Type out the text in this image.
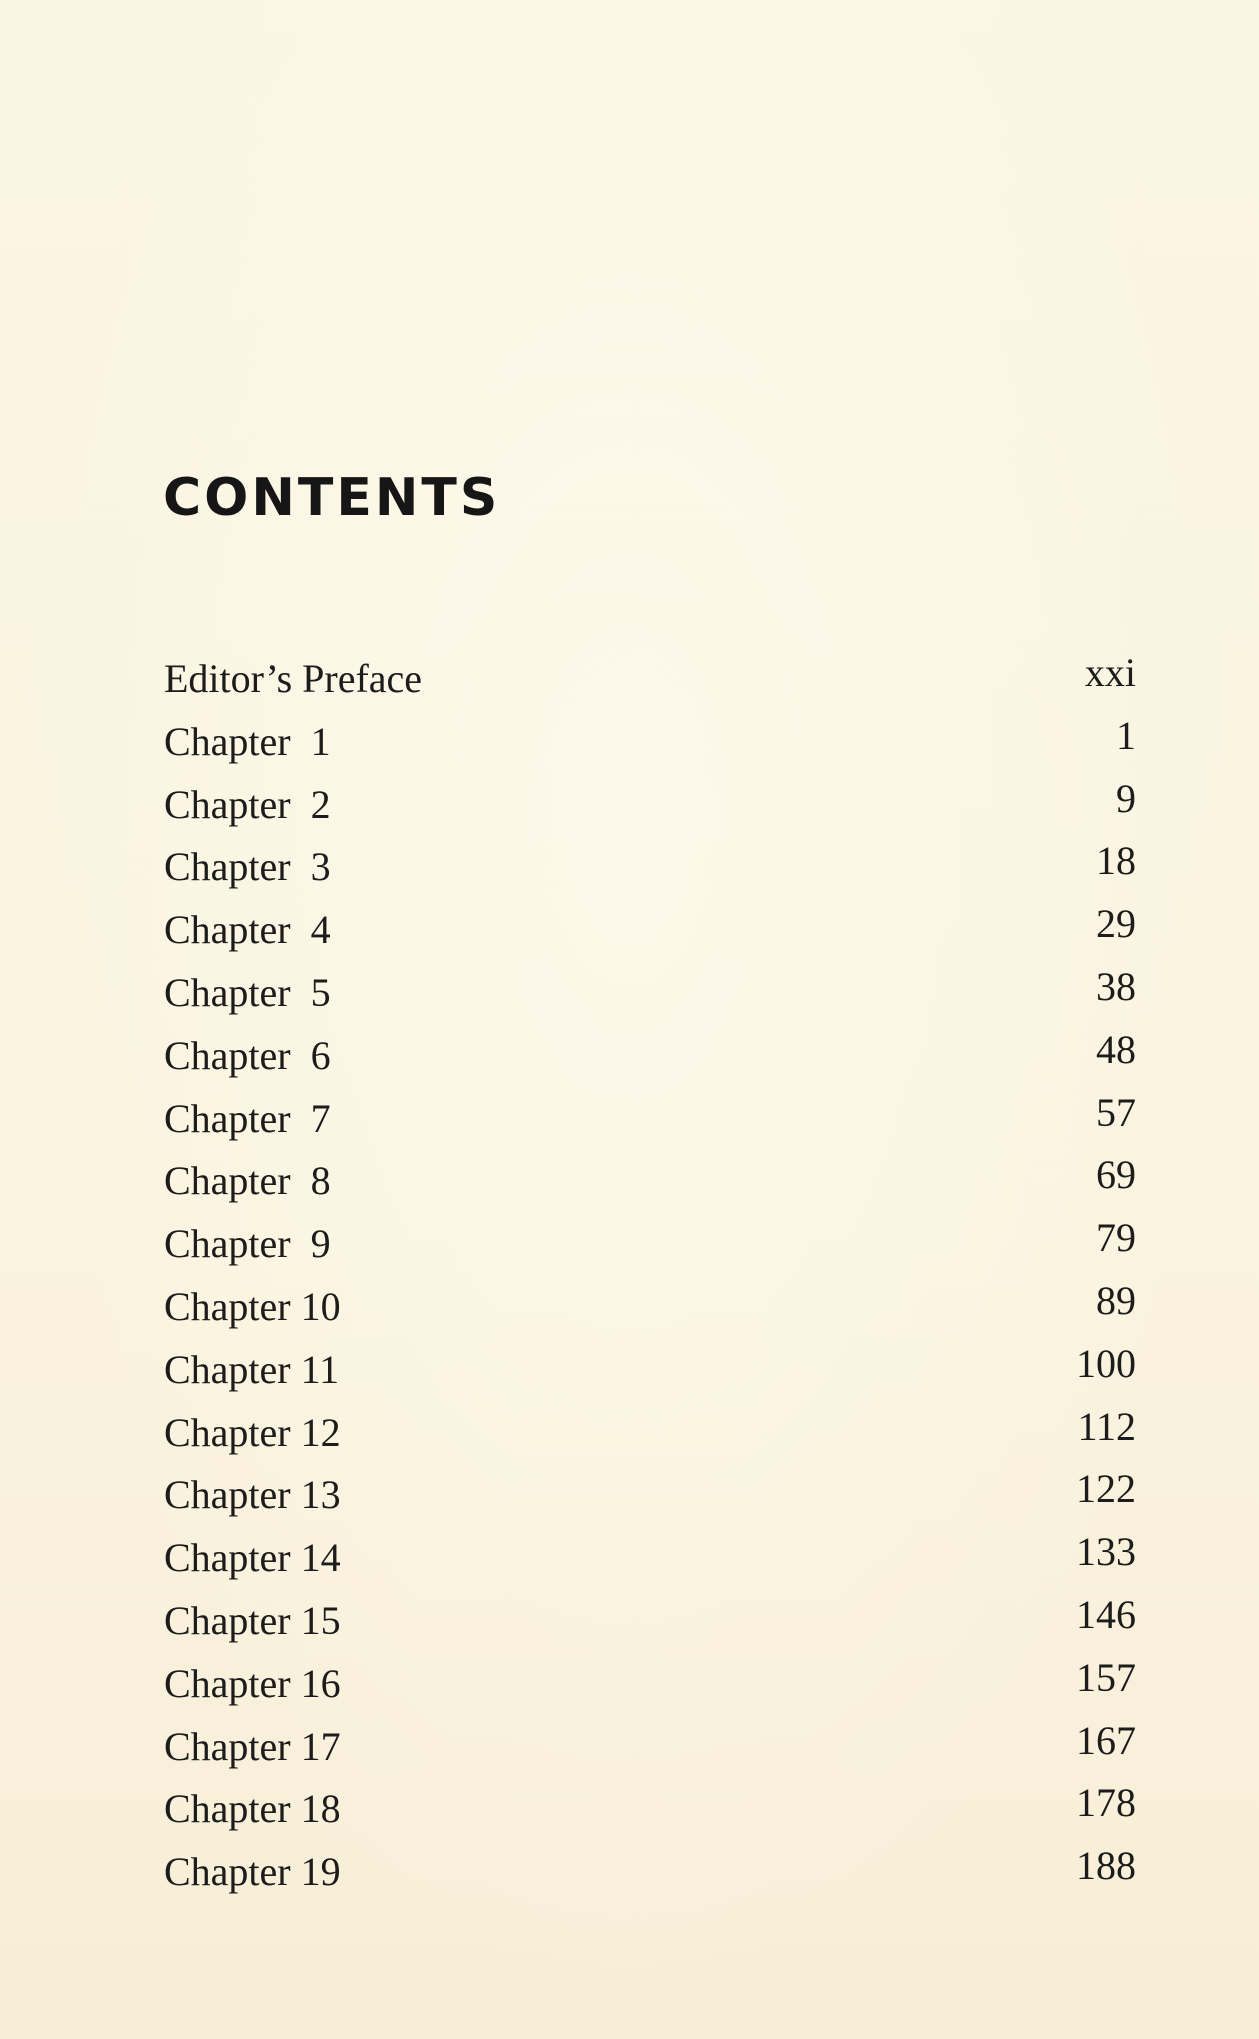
CONTENTS
Editor’s Preface	xxi
Chapter  1	1
Chapter  2	9
Chapter  3	18
Chapter  4	29
Chapter  5	38
Chapter  6	48
Chapter  7	57
Chapter  8	69
Chapter  9	79
Chapter 10	89
Chapter 11	100
Chapter 12	112
Chapter 13	122
Chapter 14	133
Chapter 15	146
Chapter 16	157
Chapter 17	167
Chapter 18	178
Chapter 19	188
